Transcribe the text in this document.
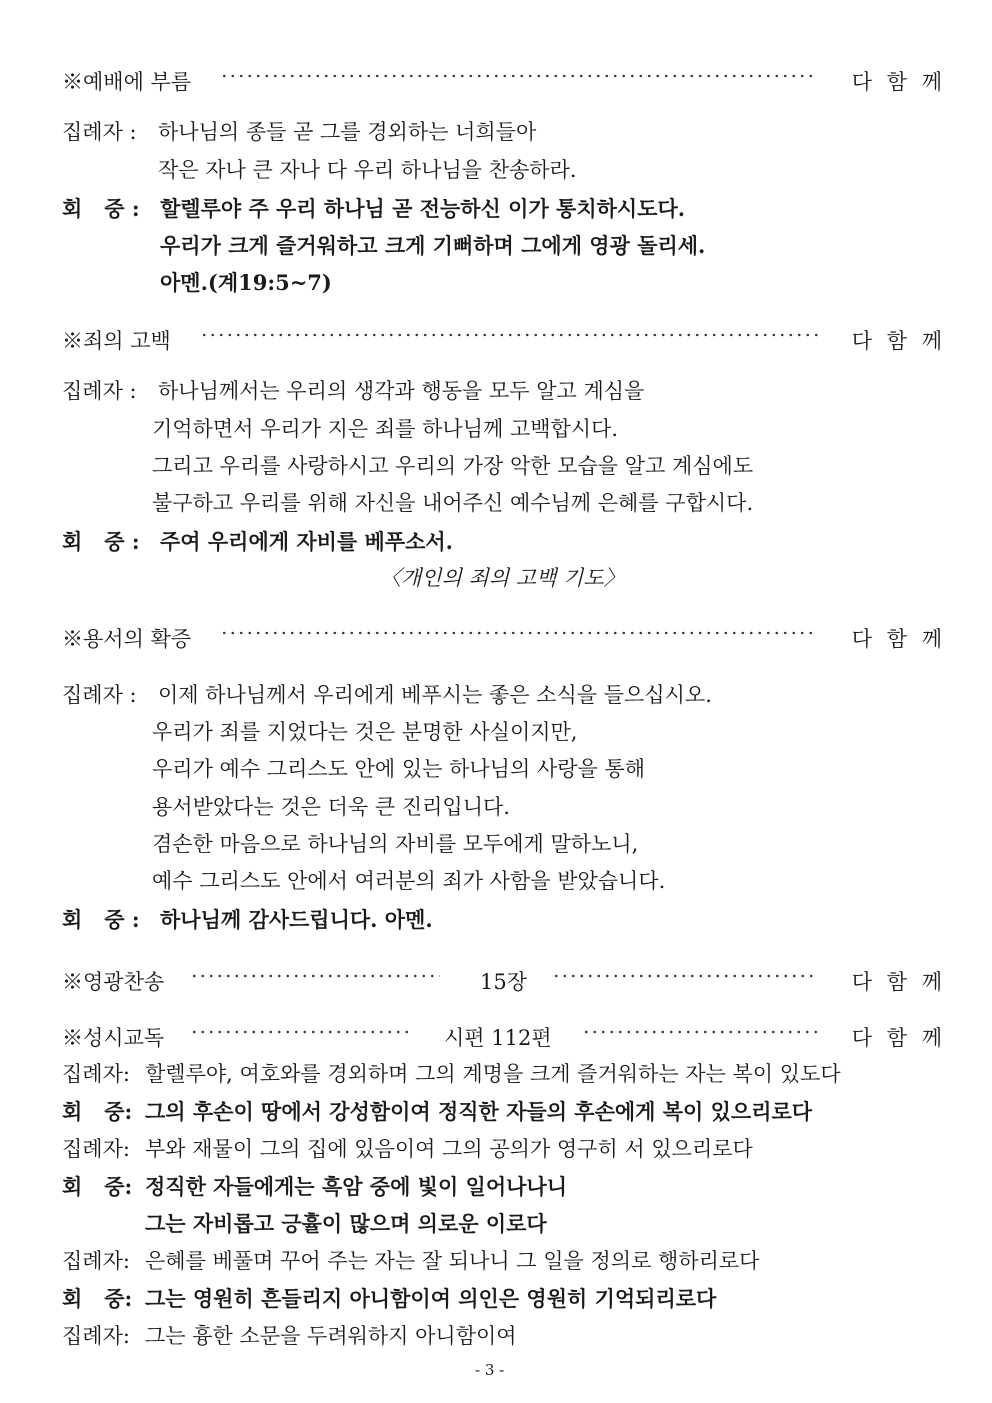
※예배에 부름	다 함 께
집례자 : 하나님의 종들 곧 그를 경외하는 너희들아
작은 자나 큰 자나 다 우리 하나님을 찬송하라.
회   중 : 할렐루야 주 우리 하나님 곧 전능하신 이가 통치하시도다.
우리가 크게 즐거워하고 크게 기뻐하며 그에게 영광 돌리세.
아멘.(계19:5~7)
※죄의 고백	다 함 께
집례자 : 하나님께서는 우리의 생각과 행동을 모두 알고 계심을
기억하면서 우리가 지은 죄를 하나님께 고백합시다.
그리고 우리를 사랑하시고 우리의 가장 악한 모습을 알고 계심에도
불구하고 우리를 위해 자신을 내어주신 예수님께 은혜를 구합시다.
회   중 : 주여 우리에게 자비를 베푸소서.
〈개인의 죄의 고백 기도〉
※용서의 확증	다 함 께
집례자 : 이제 하나님께서 우리에게 베푸시는 좋은 소식을 들으십시오.
우리가 죄를 지었다는 것은 분명한 사실이지만,
우리가 예수 그리스도 안에 있는 하나님의 사랑을 통해
용서받았다는 것은 더욱 큰 진리입니다.
겸손한 마음으로 하나님의 자비를 모두에게 말하노니,
예수 그리스도 안에서 여러분의 죄가 사함을 받았습니다.
회   중 : 하나님께 감사드립니다. 아멘.
※영광찬송	15장	다 함 께
※성시교독	시편 112편	다 함 께
집례자: 할렐루야, 여호와를 경외하며 그의 계명을 크게 즐거워하는 자는 복이 있도다
회   중: 그의 후손이 땅에서 강성함이여 정직한 자들의 후손에게 복이 있으리로다
집례자: 부와 재물이 그의 집에 있음이여 그의 공의가 영구히 서 있으리로다
회   중: 정직한 자들에게는 흑암 중에 빛이 일어나나니
그는 자비롭고 긍휼이 많으며 의로운 이로다
집례자: 은혜를 베풀며 꾸어 주는 자는 잘 되나니 그 일을 정의로 행하리로다
회   중: 그는 영원히 흔들리지 아니함이여 의인은 영원히 기억되리로다
집례자: 그는 흉한 소문을 두려워하지 아니함이여
- 3 -
